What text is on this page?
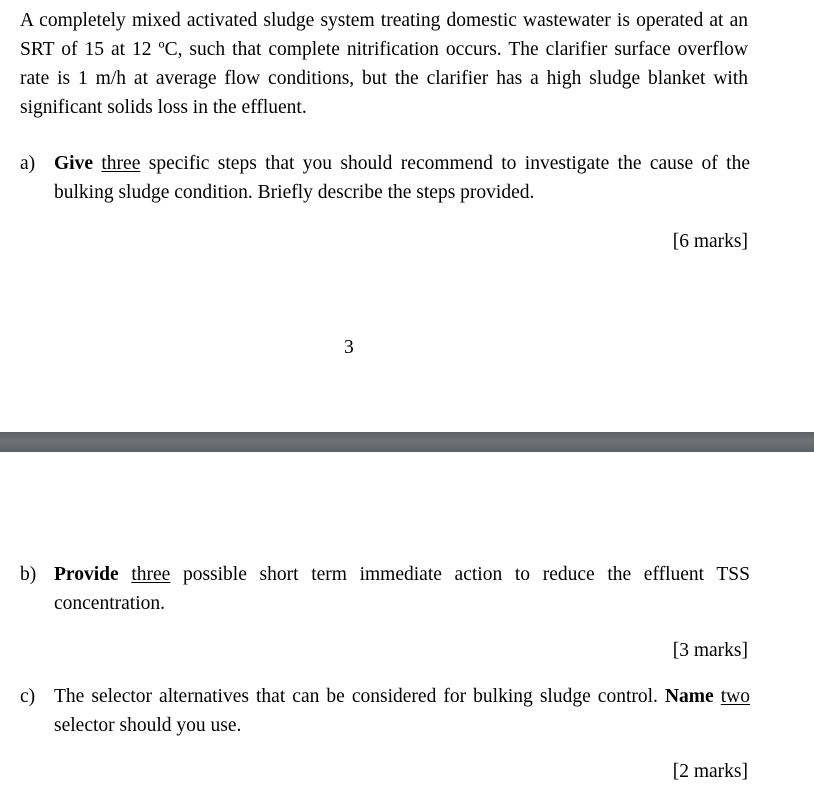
A completely mixed activated sludge system treating domestic wastewater is operated at an SRT of 15 at 12 ºC, such that complete nitrification occurs. The clarifier surface overflow rate is 1 m/h at average flow conditions, but the clarifier has a high sludge blanket with significant solids loss in the effluent.
a) Give three specific steps that you should recommend to investigate the cause of the bulking sludge condition. Briefly describe the steps provided.
[6 marks]
3
b) Provide three possible short term immediate action to reduce the effluent TSS concentration.
[3 marks]
c) The selector alternatives that can be considered for bulking sludge control. Name two selector should you use.
[2 marks]
